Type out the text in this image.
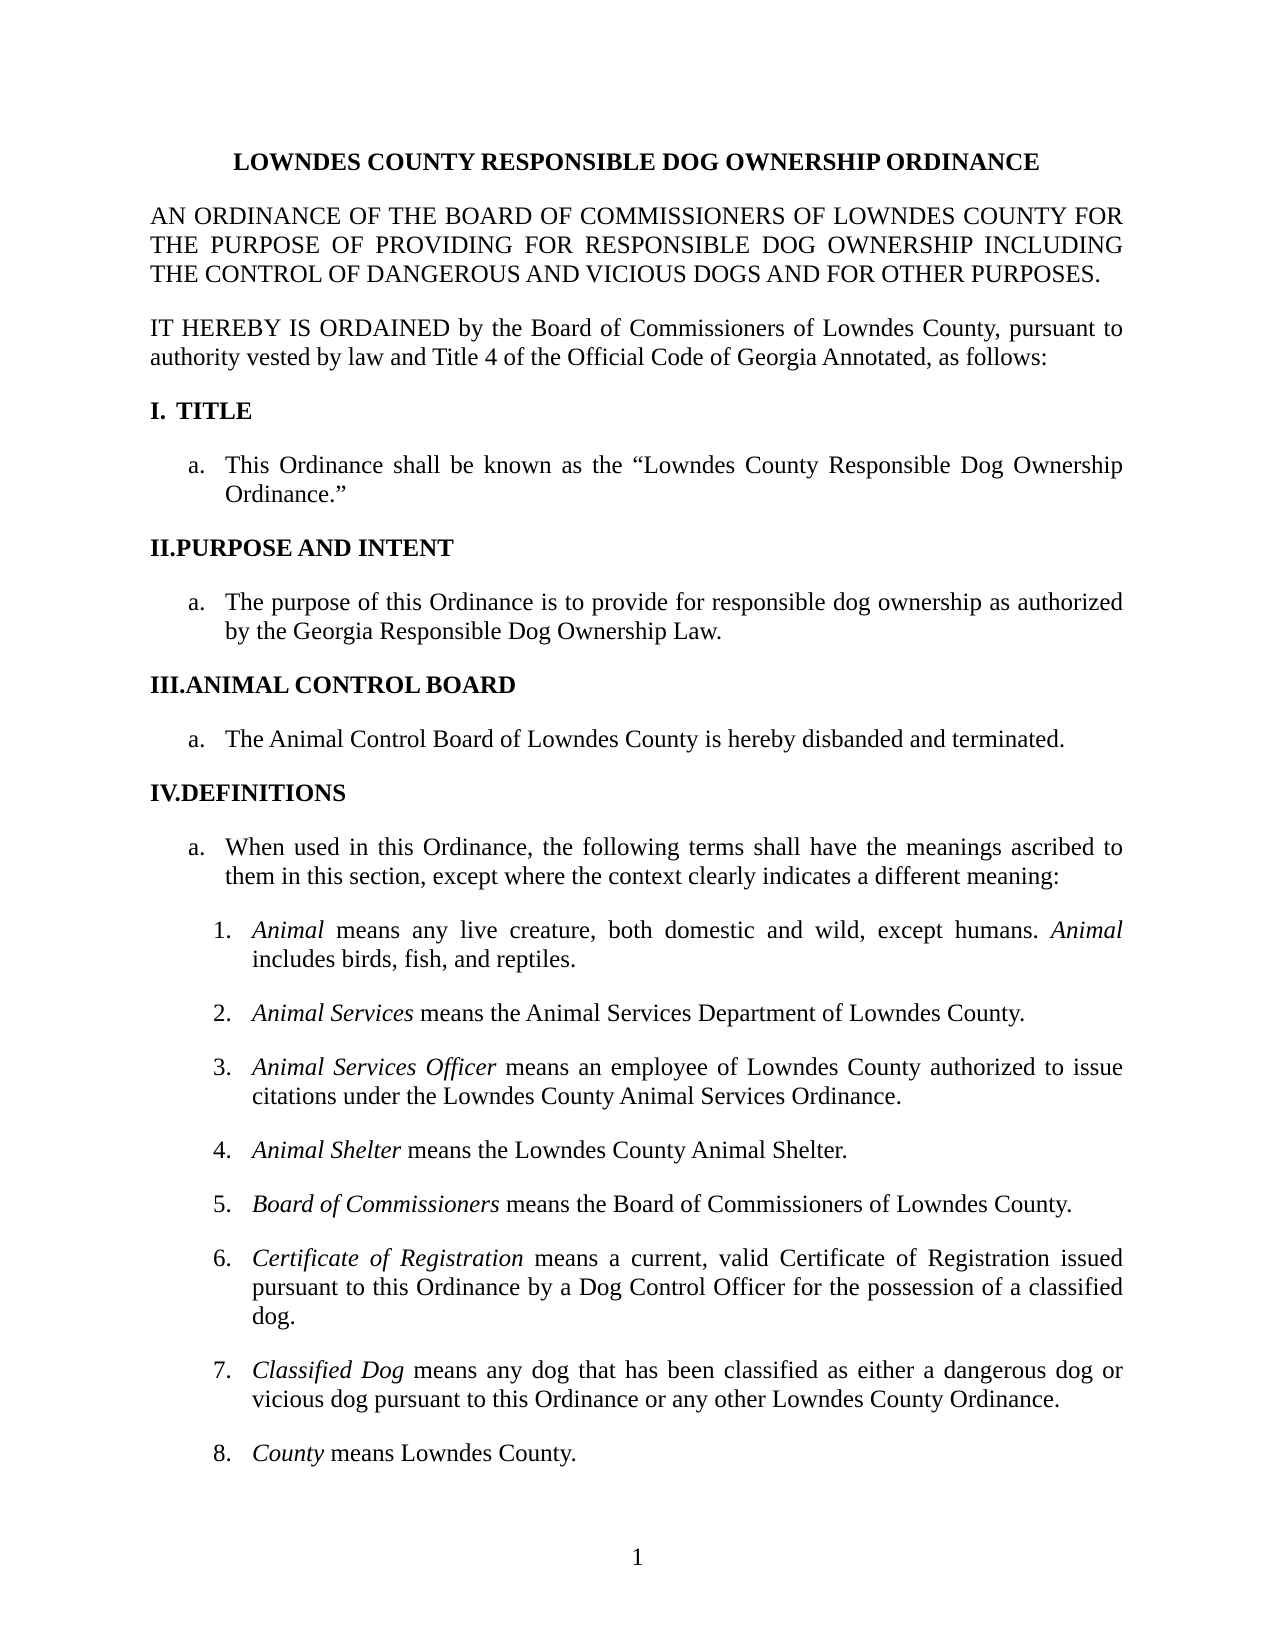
LOWNDES COUNTY RESPONSIBLE DOG OWNERSHIP ORDINANCE

AN ORDINANCE OF THE BOARD OF COMMISSIONERS OF LOWNDES COUNTY FOR THE PURPOSE OF PROVIDING FOR RESPONSIBLE DOG OWNERSHIP INCLUDING THE CONTROL OF DANGEROUS AND VICIOUS DOGS AND FOR OTHER PURPOSES.

IT HEREBY IS ORDAINED by the Board of Commissioners of Lowndes County, pursuant to authority vested by law and Title 4 of the Official Code of Georgia Annotated, as follows:

I. TITLE
a. This Ordinance shall be known as the “Lowndes County Responsible Dog Ownership Ordinance.”
II.PURPOSE AND INTENT
a. The purpose of this Ordinance is to provide for responsible dog ownership as authorized by the Georgia Responsible Dog Ownership Law.
III.ANIMAL CONTROL BOARD
a. The Animal Control Board of Lowndes County is hereby disbanded and terminated.
IV.DEFINITIONS
a. When used in this Ordinance, the following terms shall have the meanings ascribed to them in this section, except where the context clearly indicates a different meaning:
1. Animal means any live creature, both domestic and wild, except humans. Animal includes birds, fish, and reptiles.
2. Animal Services means the Animal Services Department of Lowndes County.
3. Animal Services Officer means an employee of Lowndes County authorized to issue citations under the Lowndes County Animal Services Ordinance.
4. Animal Shelter means the Lowndes County Animal Shelter.
5. Board of Commissioners means the Board of Commissioners of Lowndes County.
6. Certificate of Registration means a current, valid Certificate of Registration issued pursuant to this Ordinance by a Dog Control Officer for the possession of a classified dog.
7. Classified Dog means any dog that has been classified as either a dangerous dog or vicious dog pursuant to this Ordinance or any other Lowndes County Ordinance.
8. County means Lowndes County.
1
